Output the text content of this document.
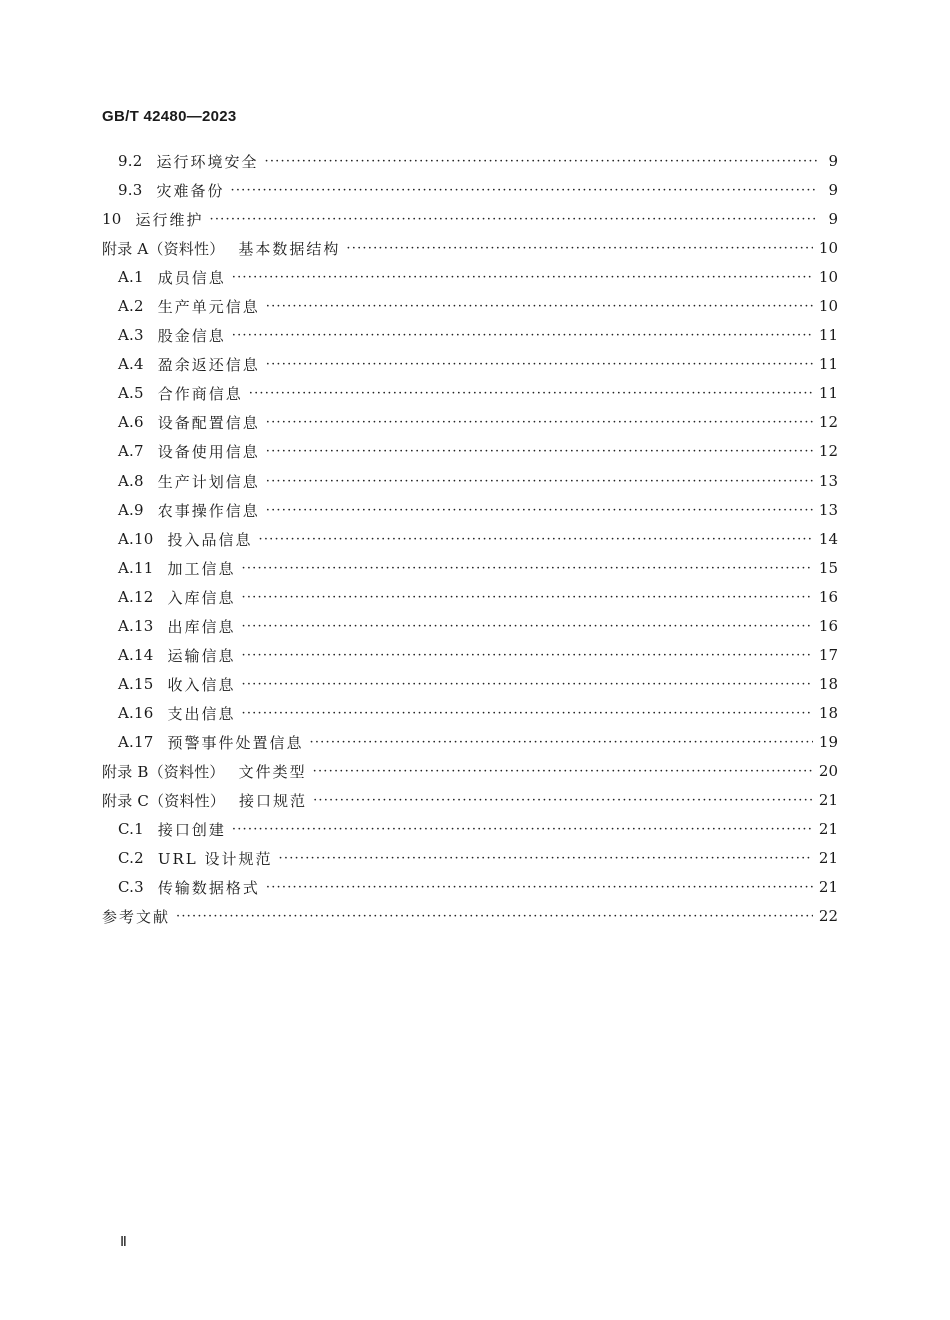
GB/T 42480—2023
9.2 运行环境安全 ·····	9
9.3 灾难备份 ·····	9
10 运行维护 ·····	9
附录 A（资料性） 基本数据结构 ·····	10
A.1 成员信息 ·····	10
A.2 生产单元信息 ·····	10
A.3 股金信息 ·····	11
A.4 盈余返还信息 ·····	11
A.5 合作商信息 ·····	11
A.6 设备配置信息 ·····	12
A.7 设备使用信息 ·····	12
A.8 生产计划信息 ·····	13
A.9 农事操作信息 ·····	13
A.10 投入品信息 ·····	14
A.11 加工信息 ·····	15
A.12 入库信息 ·····	16
A.13 出库信息 ·····	16
A.14 运输信息 ·····	17
A.15 收入信息 ·····	18
A.16 支出信息 ·····	18
A.17 预警事件处置信息 ·····	19
附录 B（资料性） 文件类型 ·····	20
附录 C（资料性） 接口规范 ·····	21
C.1 接口创建 ·····	21
C.2 URL 设计规范 ·····	21
C.3 传输数据格式 ·····	21
参考文献 ·····	22
Ⅱ
